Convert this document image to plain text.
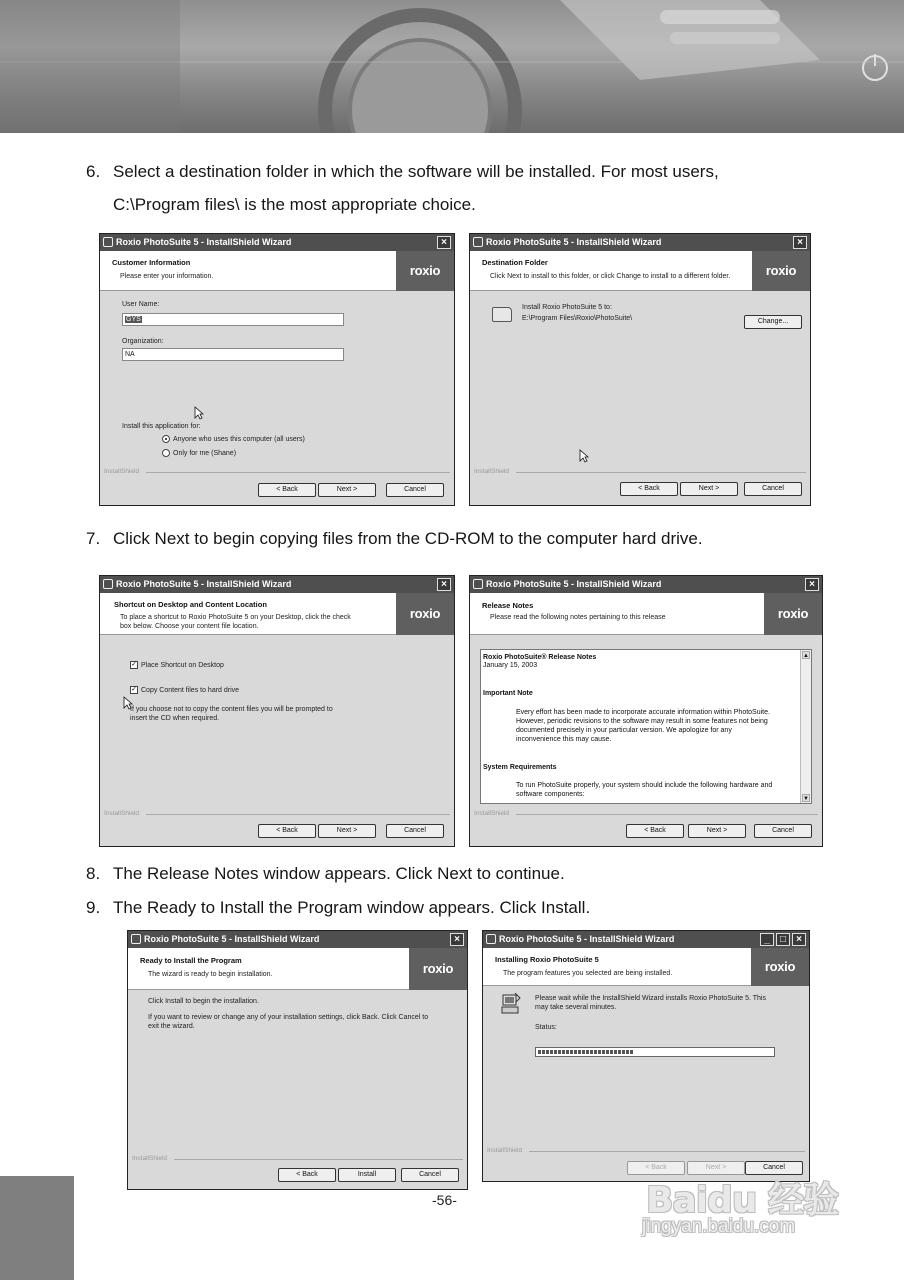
6. Select a destination folder in which the software will be installed. For most users,
C:\Program files\ is the most appropriate choice.
Roxio PhotoSuite 5 - InstallShield Wizard	×
Customer Information
Please enter your information.	roxio
User Name:
GYS
Organization:
NA
Install this application for:
Anyone who uses this computer (all users)
Only for me (Shane)
InstallShield
< Back	Next >	Cancel
Roxio PhotoSuite 5 - InstallShield Wizard	×
Destination Folder
Click Next to install to this folder, or click Change to install to a different folder.	roxio
Install Roxio PhotoSuite 5 to:
E:\Program Files\Roxio\PhotoSuite\	Change...
InstallShield
< Back	Next >	Cancel
7. Click Next to begin copying files from the CD-ROM to the computer hard drive.
Roxio PhotoSuite 5 - InstallShield Wizard	×
Shortcut on Desktop and Content Location
To place a shortcut to Roxio PhotoSuite 5 on your Desktop, click the check
box below. Choose your content file location.
roxio
✓ Place Shortcut on Desktop
✓ Copy Content files to hard drive
If you choose not to copy the content files you will be prompted to
insert the CD when required.
InstallShield
< Back	Next >	Cancel
Roxio PhotoSuite 5 - InstallShield Wizard	×
Release Notes
Please read the following notes pertaining to this release	roxio
Roxio PhotoSuite® Release Notes
January 15, 2003
Important Note
Every effort has been made to incorporate accurate information within PhotoSuite.
However, periodic revisions to the software may result in some features not being
documented precisely in your particular version. We apologize for any
inconvenience this may cause.
System Requirements
To run PhotoSuite properly, your system should include the following hardware and
software components:
▲
▼
InstallShield
< Back	Next >	Cancel
8. The Release Notes window appears. Click Next to continue.
9. The Ready to Install the Program window appears. Click Install.
Roxio PhotoSuite 5 - InstallShield Wizard	×
Ready to Install the Program
The wizard is ready to begin installation.	roxio
Click Install to begin the installation.
If you want to review or change any of your installation settings, click Back. Click Cancel to
exit the wizard.
InstallShield
< Back	Install	Cancel
Roxio PhotoSuite 5 - InstallShield Wizard	_	□	×
Installing Roxio PhotoSuite 5
The program features you selected are being installed.	roxio
Please wait while the InstallShield Wizard installs Roxio PhotoSuite 5. This
may take several minutes.
Status:
InstallShield
< Back	Next >	Cancel
-56-	Baidu 经验
jingyan.baidu.com
